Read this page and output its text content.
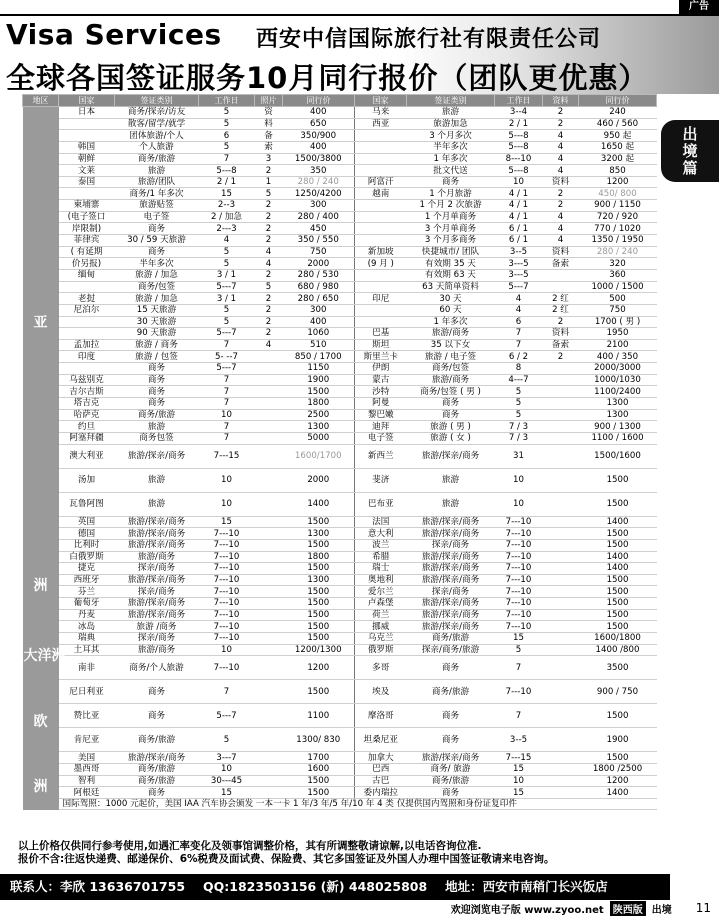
广告
Visa Services 西安中信国际旅行社有限责任公司
全球各国签证服务10月同行报价（团队更优惠）
出
境
篇
地区	国家	签证类别	工作日	照片	同行价	国家	签证类别	工作日	资料	同行价
亚	日本	商务/探亲/访友	5	资	400	马来	旅游	3--4	2	240
		散客/留学/就学	5	料	650	西亚	旅游加急	2 / 1	2	460 / 560
		团体旅游/个人	6	备	350/900		3 个月多次	5---8	4	950 起
	韩国	个人旅游	5	索	400		半年多次	5---8	4	1650 起
	朝鲜	商务/旅游	7	3	1500/3800		1 年多次	8---10	4	3200 起
	文莱	旅游	5---8	2	350		批文代送	5---8	4	850
	泰国	旅游/团队	2 / 1	1	280 / 240	阿富汗	商务	10	资料	1200
		商务/1 年多次	15	5	1250/4200	越南	1 个月旅游	4 / 1	2	450/ 800
	柬埔寨	旅游贴签	2--3	2	300		1 个月 2 次旅游	4 / 1	2	900 / 1150
	(电子签口	电子签	2 / 加急	2	280 / 400		1 个月单商务	4 / 1	4	720 / 920
	岸限制)	商务	2---3	2	450		3 个月单商务	6 / 1	4	770 / 1020
	菲律宾	30 / 59 天旅游	4	2	350 / 550		3 个月多商务	6 / 1	4	1350 / 1950
	( 有延期	商务	5	4	750	新加坡	快捷城市/ 团队	3--5	资料	280 / 240
	价另报)	半年多次	5	4	2000	(9 月 )	有效期 35 天	3---5	备索	320
	缅甸	旅游 / 加急	3 / 1	2	280 / 530		有效期 63 天	3---5		360
		商务/包签	5---7	5	680 / 980		63 天简单资料	5---7		1000 / 1500
	老挝	旅游 / 加急	3 / 1	2	280 / 650	印尼	30 天	4	2 红	500
	尼泊尔	15 天旅游	5	2	300		60 天	4	2 红	750
		30 天旅游	5	2	400		1 年多次	6	2	1700 ( 男 )
		90 天旅游	5---7	2	1060	巴基	旅游/商务	7	资料	1950
	孟加拉	旅游 / 商务	7	4	510	斯坦	35 以下女	7	备索	2100
	印度	旅游 / 包签	5- --7		850 / 1700	斯里兰卡	旅游 / 电子签	6 / 2	2	400 / 350
		商务	5---7		1150	伊朗	商务/包签	8		2000/3000
	乌兹别克	商务	7		1900	蒙古	旅游/商务	4---7		1000/1030
	吉尔吉斯	商务	7		1500	沙特	商务/包签 ( 男 )	5		1100/2400
	塔吉克	商务	7		1800	阿曼	商务	5		1300
	哈萨克	商务/旅游	10		2500	黎巴嫩	商务	5		1300
	约旦	旅游	7		1300	迪拜	旅游 ( 男 )	7 / 3		900 / 1300
	阿塞拜疆	商务包签	7		5000	电子签	旅游 ( 女 )	7 / 3		1100 / 1600
	澳大利亚	旅游/探亲/商务	7---15		1600/1700	新西兰	旅游/探亲/商务	31		1500/1600
	汤加	旅游	10		2000	斐济	旅游	10		1500
	瓦鲁阿图	旅游	10		1400	巴布亚	旅游	10		1500
	英国	旅游/探亲/商务	15		1500	法国	旅游/探亲/商务	7---10		1400
	德国	旅游/探亲/商务	7---10		1300	意大利	旅游/探亲/商务	7---10		1500
洲	比利时	旅游/探亲/商务	7---10		1500	波兰	探亲/商务	7---10		1500
	白俄罗斯	旅游/商务	7---10		1800	希腊	旅游/探亲/商务	7---10		1400
	捷克	探亲/商务	7---10		1500	瑞士	旅游/探亲/商务	7---10		1400
	西班牙	旅游/探亲/商务	7---10		1300	奥地利	旅游/探亲/商务	7---10		1500
	芬兰	探亲/商务	7---10		1500	爱尔兰	探亲/商务	7---10		1500
	葡萄牙	旅游/探亲/商务	7---10		1500	卢森堡	旅游/探亲/商务	7---10		1500
	丹麦	旅游/探亲/商务	7---10		1500	荷兰	旅游/探亲/商务	7---10		1500
	冰岛	旅游 /商务	7---10		1500	挪威	旅游/探亲/商务	7---10		1500
大洋洲	瑞典	探亲/商务	7---10		1500	乌克兰	商务/旅游	15		1600/1800
	土耳其	旅游/商务	10		1200/1300	俄罗斯	探亲/商务/旅游	5		1400 /800
	南非	商务/个人旅游	7---10		1200	多哥	商务	7		3500
欧	尼日利亚	商务	7		1500	埃及	商务/旅游	7---10		900 / 750
	赞比亚	商务	5---7		1100	摩洛哥	商务	7		1500
	肯尼亚	商务/旅游	5		1300/ 830	坦桑尼亚	商务	3--5		1900
	美国	旅游/探亲/商务	3---7		1700	加拿大	旅游/探亲/商务	7---15		1500
洲	墨西哥	商务/旅游	10		1600	巴西	商务/ 旅游	15		1800 /2500
	智利	商务/旅游	30---45		1500	古巴	商务/旅游	10		1200
	阿根廷	商务	15		1500	委内瑞拉	商务	15		1400
	国际驾照：1000 元起价，美国 IAA 汽车协会颁发 一本一卡 1 年/3 年/5 年/10 年 4 类 仅提供国内驾照和身份证复印件									
以上价格仅供同行参考使用,如遇汇率变化及领事馆调整价格，其有所调整敬请谅解,以电话咨询位准.
报价不含:往返快递费、邮递保价、6%税费及面试费、保险费、其它多国签证及外国人办理中国签证敬请来电咨询。
联系人：李欣 13636701755 QQ:1823503156 (新) 448025808 地址：西安市南稍门长兴饭店
欢迎浏览电子版 www.zyoo.net 陕西版 出境 11
